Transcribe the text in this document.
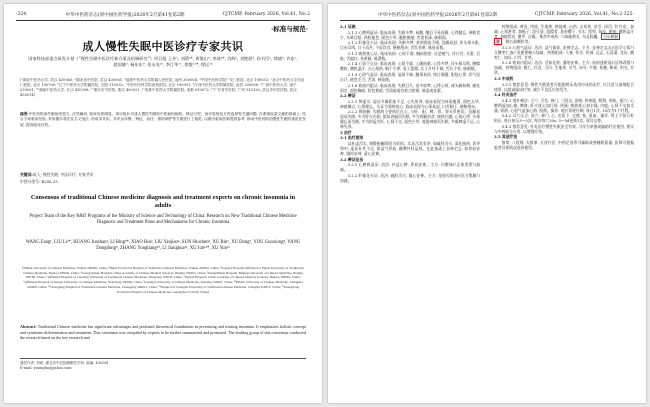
·324·	中华中医药杂志(原中国医药学报)2026年2月第41卷第2期	CJTCMP, February 2026, Vol.41, No.2
·标准与规范·
成人慢性失眠中医诊疗专家共识
国家科技部重点研发计划《“慢性失眠中医诊疗新方案及机制研究”》项目组 王芳¹, 刘莉²*, 黄俊山³, 李冰²*, 肖辉², 刘艳骄⁴, 孙书臣⁵, 徐斌⁶, 许东⁷, 游国雄⁸, 杨东东⁹, 张永亮¹⁰, 李江华¹¹, 徐俊¹²*, 徐运¹³
(¹湖北中医药大学, 武汉 430065; ²湖北省中医院, 武汉 430061; ³福建中医药大学附属人民医院, 福州 350004; ⁴中国中医科学院广安门医院, 北京 100053; ⁵北京中医药大学东直门医院, 北京 100700; ⁶辽宁中医药大学附属医院, 沈阳 110032; ⁷中国中医科学院西苑医院, 北京 100091; ⁸江西中医药大学附属医院, 南昌 330006; ⁹广西中医药大学, 南宁 530001; ¹⁰湖南中医药大学, 长沙 410208; ¹¹重庆市中医院, 重庆 400021; ¹²成都中医药大学附属医院, 成都 610072; ¹³广东省中医院, 广州 510120; 武汉市中医医院, 武汉 430014)
摘要:中医药防治失眠病史悠久, 疗效确切, 临床优势明显。项目组针对成人慢性失眠的中医病因病机、辨证分型、治疗原则及方药选择等关键问题, 在系统检索文献的基础上, 结合专家临床经验, 采用德尔菲法及名义组法, 形成本共识。共识从诊断、辨证、治疗、预防调护等方面进行了规范, 以期为临床医师提供参考, 推动中医药防治慢性失眠的规范化发展, 提高临床疗效。
关键词:成人; 慢性失眠; 中医诊疗; 专家共识
中图分类号: R256.23
Consensus of traditional Chinese medicine diagnosis and treatment experts on chronic insomnia in adults
Project Team of the Key R&D Programs of the Ministry of Science and Technology of China: Research on New Traditional Chinese Medicine Diagnosis and Treatment Plans and Mechanisms for Chronic Insomnia
WANG Fang¹, LIU Li²*, HUANG Junshan³, LI Bing²*, XIAO Hui², LIU Yanjiao⁴, SUN Shuchen⁵, XU Bin⁶, XU Dong⁷, YOU Guoxiong⁸, YANG Dongdong⁹, ZHANG Yongliang¹⁰, LI Jianghua¹¹, XU Jun¹²*, XU Yun¹³
(¹Hubei University of Chinese Medicine, Wuhan 430065, China; ²Hubei Provincial Hospital of Traditional Chinese Medicine, Wuhan 430061, China; ³People's Hospital Affiliated to Fujian University of Traditional Chinese Medicine, Fuzhou 350004, China; ⁴Guang'anmen Hospital, China Academy of Chinese Medical Sciences, Beijing 100053, China; ⁵Dongzhimen Hospital, Beijing University of Chinese Medicine, Beijing 100700, China; ⁶Affiliated Hospital of Liaoning University of Traditional Chinese Medicine, Shenyang 110032, China; ⁷Xiyuan Hospital, China Academy of Chinese Medical Sciences, Beijing 100091, China; ⁸Affiliated Hospital of Jiangxi University of Chinese Medicine, Nanchang 330006, China; ⁹Guangxi University of Chinese Medicine, Nanning 530001, China; ¹⁰Hunan University of Chinese Medicine, Changsha 410208, China; ¹¹Chongqing Hospital of Traditional Chinese Medicine, Chongqing 400021, China; ¹²Hospital of Chengdu University of Traditional Chinese Medicine, Chengdu 610072, China; ¹³Guangdong Provincial Hospital of Chinese Medicine, Guangzhou 510120, China)
Abstract: Traditional Chinese medicine has significant advantages and profound theoretical foundations in preventing and treating insomnia. It emphasizes holistic concept and syndrome differentiation and treatment. This consensus was compiled by experts to be further summarized and promoted. The drafting group of this consensus conducted the research based on the key research and
通信作者: 刘莉, 湖北省中医院睡眠医学科, 邮编: 430061
E-mail: youngliu@yahoo.com
中华中医药杂志(原中国医药学报)2026年2月第41卷第2期	CJTCMP, February 2026, Vol.41, No.2 ·325·

2.1 证候

2.1.1 心脾两虚证: 临床表现: 失眠多梦, 易醒, 醒后不易再睡, 心悸健忘, 神疲食少, 头晕目眩, 四肢倦怠, 面色少华, 腹胀便溏; 舌淡苔薄, 脉细弱。

2.1.2 肝郁化火证: 临床表现: 失眠多梦, 甚则彻夜不眠, 急躁易怒, 伴头晕头胀, 目赤耳鸣, 口干而苦, 不思饮食, 便秘溲赤; 舌红苔黄, 脉弦而数。

2.1.3 痰热扰心证: 临床表现: 心烦不寐, 胸闷脘痞, 泛恶嗳气, 伴口苦, 头重, 目眩; 舌偏红, 苔黄腻, 脉滑数。

2.1.4 心肾不交证: 临床表现: 心烦不寐, 入睡困难, 心悸多梦, 伴头晕耳鸣, 腰膝酸软, 潮热盗汗, 五心烦热, 咽干少津, 男子遗精, 女子月经不调; 舌红少苔, 脉细数。

2.1.5 心胆气虚证: 临床表现: 虚烦不寐, 触事易惊, 终日惕惕, 胆怯心悸, 伴气短自汗, 倦怠乏力; 舌淡, 脉弦细。

2.1.6 瘀血内阻证: 临床表现: 失眠日久, 夜多惊梦, 心悸心烦, 或头痛如刺, 痛处固定, 面色晦暗, 唇色紫暗; 舌质暗或有瘀点瘀斑, 脉涩或弦紧。

2.2 辨证

2.2.1 辨虚实: 虚证多属阴血不足, 心失所养, 临床表现为体质瘦弱, 面色无华, 神疲懒言, 心悸健忘。实证为邪热扰心, 临床表现为心烦易怒, 口苦咽干, 便秘溲赤。

2.2.2 辨脏腑: 失眠的主要病位在心, 与肝、胆、脾、胃、肾关系密切。急躁易怒而失眠, 多为肝火内扰; 脘闷苔腻而失眠, 多为胃腑宿食, 痰热内盛; 心烦心悸, 头晕健忘而失眠, 多为阴虚火旺, 心肾不交; 面色少华, 肢倦神疲而失眠, 多属脾虚不运, 心神失养。

3 治疗

3.1 治疗原则

以补虚泻实, 调整脏腑阴阳为原则。实证泻其有余, 如疏肝泻火, 清化痰热, 消导和中; 虚证补其不足, 如益气养血, 健脾补肝益肾。在此基础上安神定志, 如养血安神, 镇惊安神, 清心安神。

3.2 辨证论治

3.2.1 心脾两虚证: 治法: 补益心脾, 养血安神。主方: 归脾汤(《正体类要》)加减。

3.2.2 肝郁化火证: 治法: 疏肝泻火, 镇心安神。主方: 龙胆泻肝汤(《医方集解》)加减。

药物组成: 黄连, 肉桂, 生地黄, 熟地黄, 山药, 山茱萸, 茯苓, 泽泻, 牡丹皮。加减: 心烦甚者, 加栀子, 淡豆豉; 遗精者, 加金樱子, 芡实, 莲须, 知母, 黄柏; 潮热盗汗者, 加地骨皮, 鳖甲, 白薇。推荐中成药: 六味地黄丸, 乌灵胶囊、 百乐眠胶
囊 、刺五加颗粒等。

3.2.5 心胆气虚证: 治法: 益气镇惊, 安神定志。主方: 安神定志丸(《医学心悟》)合酸枣仁汤(《金匮要略》)加减。药物组成: 人参, 茯苓, 茯神, 远志, 石菖蒲, 龙齿, 酸枣仁, 知母, 川芎, 甘草。

3.2.6 瘀血内阻证: 治法: 活血化瘀, 通络安神。主方: 血府逐瘀汤(《医林改错》)加减。药物组成: 桃仁, 红花, 当归, 生地黄, 川芎, 赤芍, 牛膝, 桔梗, 柴胡, 枳壳, 甘草。

3.3 中成药

3.3.1 推荐意见: 慢性失眠患者可根据辨证选用中成药治疗, 应注意与汤剂配合使用, 以提高临床疗效, 减少不良反应的发生。

3.4 针灸治疗

3.4.1 毫针刺法: 主穴: 百会, 神门, 三阴交, 安眠, 四神聪, 照海, 申脉。配穴: 心脾两虚加心俞, 脾俞; 肝火扰心加行间, 侠溪; 痰热扰心加丰隆, 内庭; 心肾不交加太溪, 肾俞; 心胆气虚加心俞, 胆俞。操作: 毫针常规针刺, 每日1次, 10次为1个疗程。

3.4.2 耳穴压豆: 选穴: 神门, 心, 皮质下, 交感, 枕, 垂前。操作: 用王不留行籽贴压, 每日按压3～5次, 每次每穴30s, 3～5d更换1次, 双耳交替。

3.4.3 推荐意见: 针灸治疗慢性失眠安全有效, 可作为单独或辅助疗法使用, 建议与中药联合应用, 以增强疗效。

3.5 其他疗法

推拿, 八段锦, 太极拳, 五音疗法, 中药足浴等可辅助改善睡眠质量, 医师可根据患者具体情况选择使用。
